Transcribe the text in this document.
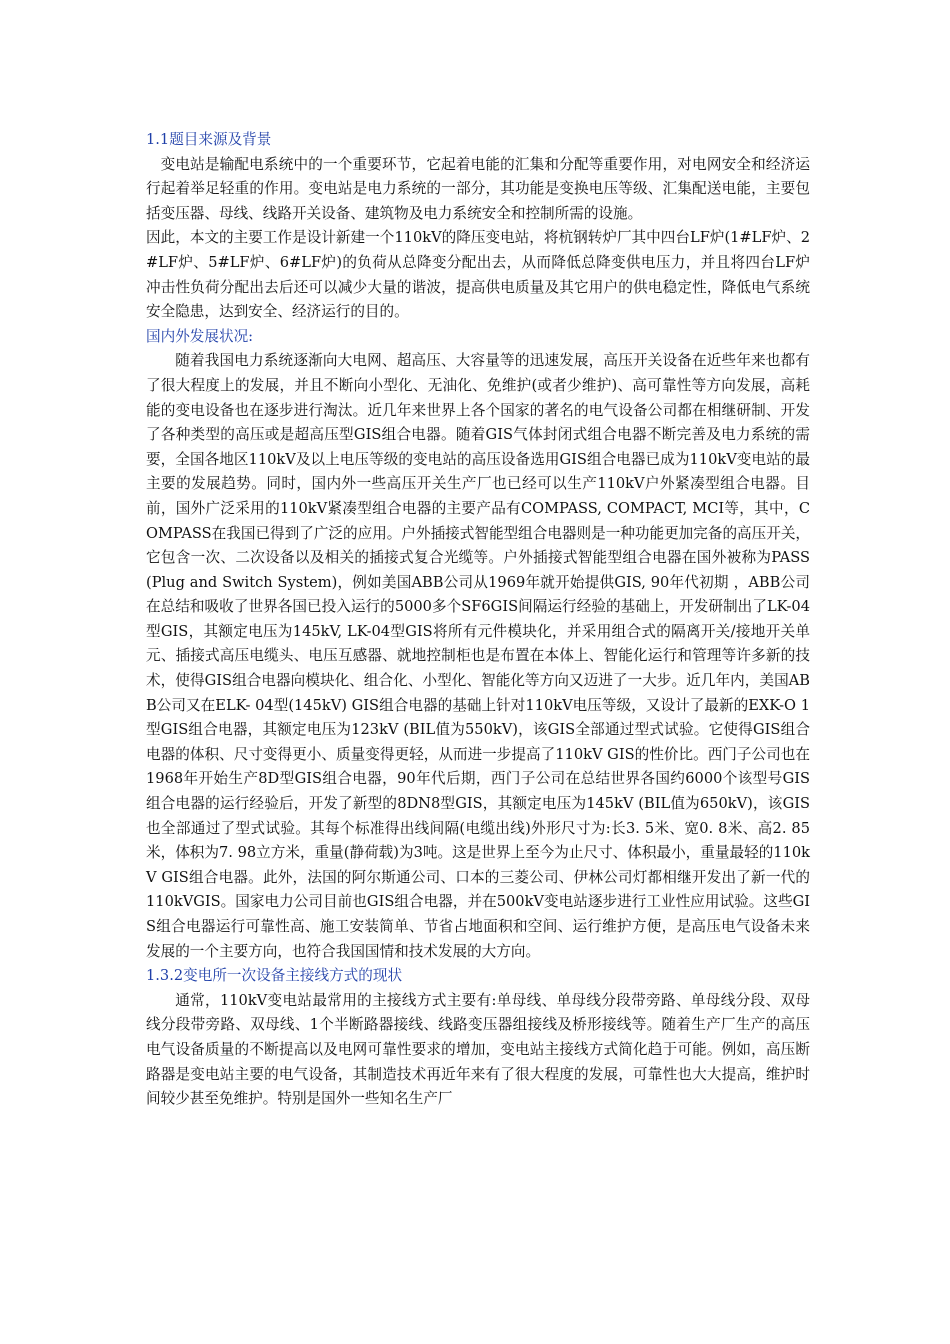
1.1题目来源及背景

变电站是输配电系统中的一个重要环节，它起着电能的汇集和分配等重要作用，对电网安全和经济运行起着举足轻重的作用。变电站是电力系统的一部分，其功能是变换电压等级、汇集配送电能，主要包括变压器、母线、线路开关设备、建筑物及电力系统安全和控制所需的设施。

因此，本文的主要工作是设计新建一个110kV的降压变电站，将杭钢转炉厂其中四台LF炉(1#LF炉、2#LF炉、5#LF炉、6#LF炉)的负荷从总降变分配出去，从而降低总降变供电压力，并且将四台LF炉冲击性负荷分配出去后还可以减少大量的谐波，提高供电质量及其它用户的供电稳定性，降低电气系统安全隐患，达到安全、经济运行的目的。

国内外发展状况:

随着我国电力系统逐渐向大电网、超高压、大容量等的迅速发展，高压开关设备在近些年来也都有了很大程度上的发展，并且不断向小型化、无油化、免维护(或者少维护)、高可靠性等方向发展，高耗能的变电设备也在逐步进行淘汰。近几年来世界上各个国家的著名的电气设备公司都在相继研制、开发了各种类型的高压或是超高压型GIS组合电器。随着GIS气体封闭式组合电器不断完善及电力系统的需要，全国各地区110kV及以上电压等级的变电站的高压设备选用GIS组合电器已成为110kV变电站的最主要的发展趋势。同时，国内外一些高压开关生产厂也已经可以生产110kV户外紧凑型组合电器。目前，国外广泛采用的110kV紧凑型组合电器的主要产品有COMPASS, COMPACT, MCI等，其中，COMPASS在我国已得到了广泛的应用。户外插接式智能型组合电器则是一种功能更加完备的高压开关，它包含一次、二次设备以及相关的插接式复合光缆等。户外插接式智能型组合电器在国外被称为PASS (Plug and Switch System)，例如美国ABB公司从1969年就开始提供GIS, 90年代初期 ，ABB公司在总结和吸收了世界各国已投入运行的5000多个SF6GIS间隔运行经验的基础上，开发研制出了LK-04型GIS，其额定电压为145kV, LK-04型GIS将所有元件模块化，并采用组合式的隔离开关/接地开关单元、插接式高压电缆头、电压互感器、就地控制柜也是布置在本体上、智能化运行和管理等许多新的技术，使得GIS组合电器向模块化、组合化、小型化、智能化等方向又迈进了一大步。近几年内，美国ABB公司又在ELK- 04型(145kV) GIS组合电器的基础上针对110kV电压等级，又设计了最新的EXK-O 1型GIS组合电器，其额定电压为123kV (BIL值为550kV)，该GIS全部通过型式试验。它使得GIS组合电器的体积、尺寸变得更小、质量变得更轻，从而进一步提高了110kV GIS的性价比。西门子公司也在1968年开始生产8D型GIS组合电器，90年代后期，西门子公司在总结世界各国约6000个该型号GIS组合电器的运行经验后，开发了新型的8DN8型GIS，其额定电压为145kV (BIL值为650kV)，该GIS也全部通过了型式试验。其每个标准得出线间隔(电缆出线)外形尺寸为:长3. 5米、宽0. 8米、高2. 85米，体积为7. 98立方米，重量(静荷载)为3吨。这是世界上至今为止尺寸、体积最小，重量最轻的110kV GIS组合电器。此外，法国的阿尔斯通公司、口本的三菱公司、伊林公司灯都相继开发出了新一代的110kVGIS。国家电力公司目前也GIS组合电器，并在500kV变电站逐步进行工业性应用试验。这些GIS组合电器运行可靠性高、施工安装简单、节省占地面积和空间、运行维护方便，是高压电气设备未来发展的一个主要方向，也符合我国国情和技术发展的大方向。

1.3.2变电所一次设备主接线方式的现状

通常，110kV变电站最常用的主接线方式主要有:单母线、单母线分段带旁路、单母线分段、双母线分段带旁路、双母线、1个半断路器接线、线路变压器组接线及桥形接线等。随着生产厂生产的高压电气设备质量的不断提高以及电网可靠性要求的增加，变电站主接线方式简化趋于可能。例如，高压断路器是变电站主要的电气设备，其制造技术再近年来有了很大程度的发展，可靠性也大大提高，维护时间较少甚至免维护。特别是国外一些知名生产厂
